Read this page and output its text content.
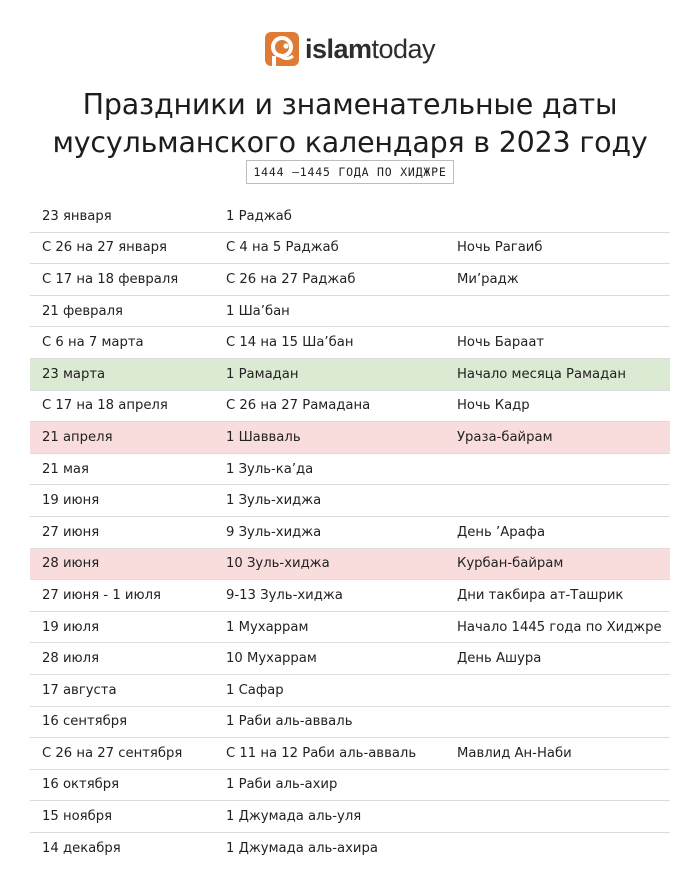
islamtoday
Праздники и знаменательные даты
мусульманского календаря в 2023 году
1444 –1445 ГОДА ПО ХИДЖРЕ
23 января	1 Раджаб
С 26 на 27 января	С 4 на 5 Раджаб	Ночь Рагаиб
С 17 на 18 февраля	С 26 на 27 Раджаб	Ми’радж
21 февраля	1 Ша’бан
С 6 на 7 марта	С 14 на 15 Ша’бан	Ночь Бараат
23 марта	1 Рамадан	Начало месяца Рамадан
С 17 на 18 апреля	С 26 на 27 Рамадана	Ночь Кадр
21 апреля	1 Шавваль	Ураза-байрам
21 мая	1 Зуль-ка’да
19 июня	1 Зуль-хиджа
27 июня	9 Зуль-хиджа	День ’Арафа
28 июня	10 Зуль-хиджа	Курбан-байрам
27 июня - 1 июля	9-13 Зуль-хиджа	Дни такбира ат-Ташрик
19 июля	1 Мухаррам	Начало 1445 года по Хиджре
28 июля	10 Мухаррам	День Ашура
17 августа	1 Сафар
16 сентября	1 Раби аль-авваль
С 26 на 27 сентября	С 11 на 12 Раби аль-авваль	Мавлид Ан-Наби
16 октября	1 Раби аль-ахир
15 ноября	1 Джумада аль-уля
14 декабря	1 Джумада аль-ахира
